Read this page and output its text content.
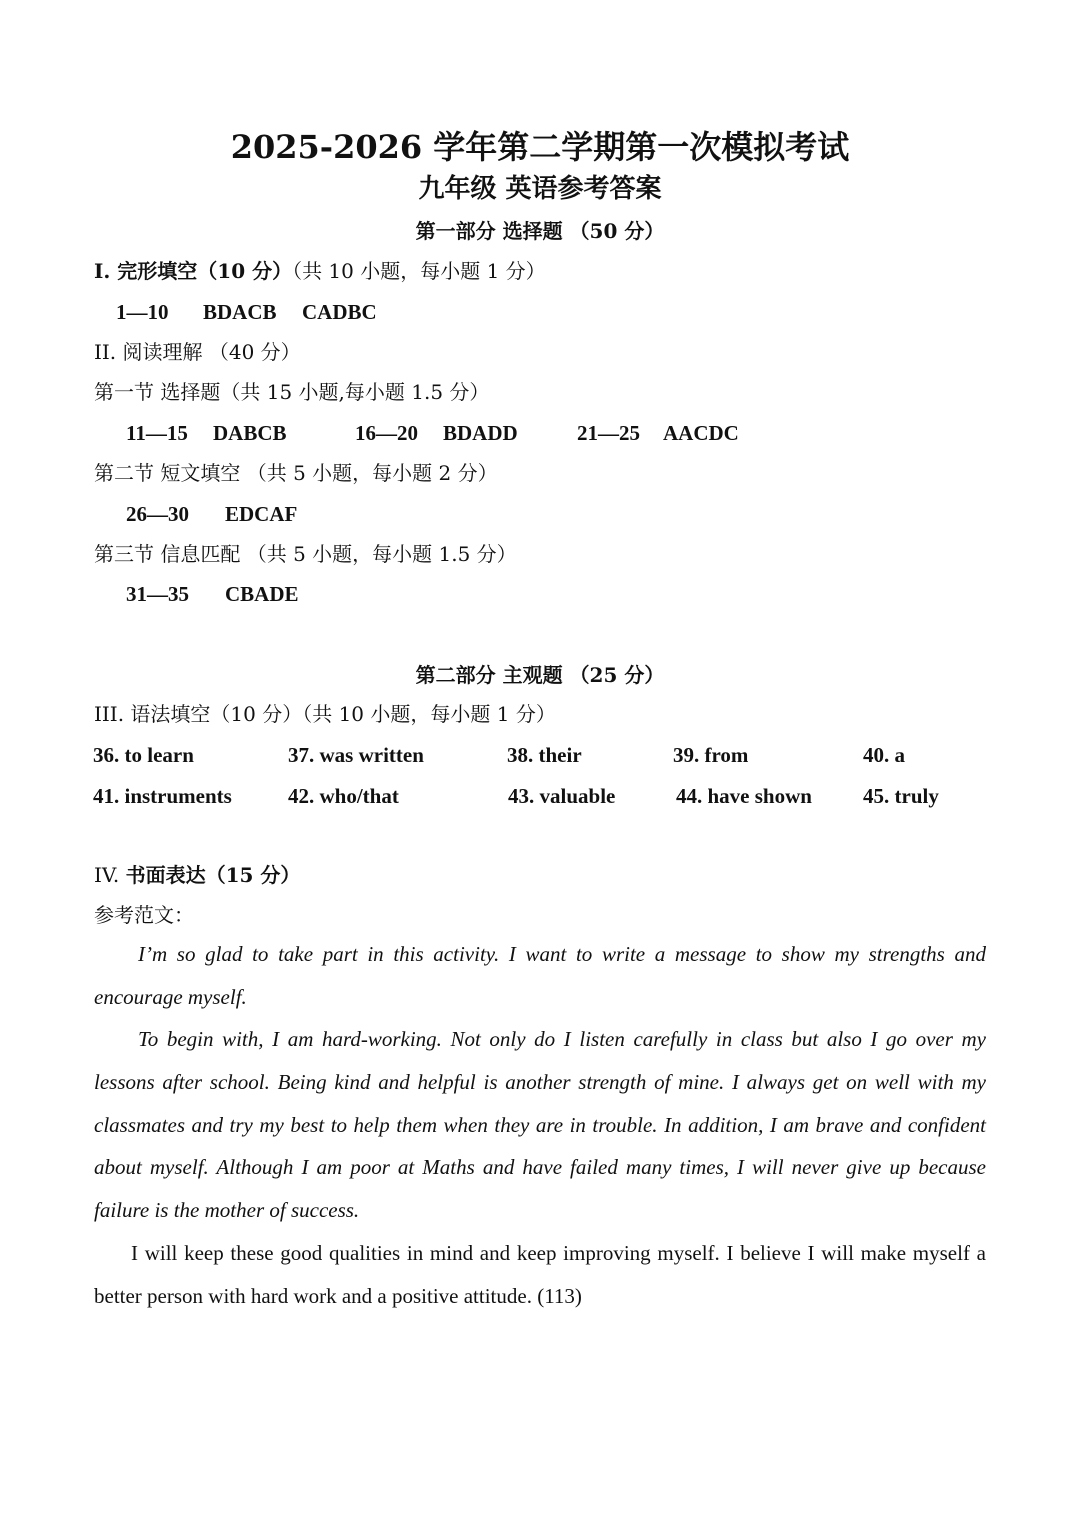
2025-2026 学年第二学期第一次模拟考试
九年级 英语参考答案
第一部分 选择题 （50 分）
I. 完形填空（10 分）（共 10 小题，每小题 1 分）
1—10 BDACB CADBC
II. 阅读理解 （40 分）
第一节 选择题（共 15 小题,每小题 1.5 分）
11—15 DABCB	16—20 BDADD	21—25 AACDC
第二节 短文填空 （共 5 小题，每小题 2 分）
26—30 EDCAF
第三节 信息匹配 （共 5 小题，每小题 1.5 分）
31—35 CBADE
第二部分 主观题 （25 分）
III. 语法填空（10 分）（共 10 小题，每小题 1 分）
36. to learn	37. was written	38. their	39. from	40. a
41. instruments	42. who/that	43. valuable	44. have shown 45. truly
IV. 书面表达（15 分）
参考范文：
I’m so glad to take part in this activity. I want to write a message to show my strengths and encourage myself.
To begin with, I am hard-working. Not only do I listen carefully in class but also I go over my lessons after school. Being kind and helpful is another strength of mine. I always get on well with my classmates and try my best to help them when they are in trouble. In addition, I am brave and confident about myself. Although I am poor at Maths and have failed many times, I will never give up because failure is the mother of success.
I will keep these good qualities in mind and keep improving myself. I believe I will make myself a better person with hard work and a positive attitude. (113)
